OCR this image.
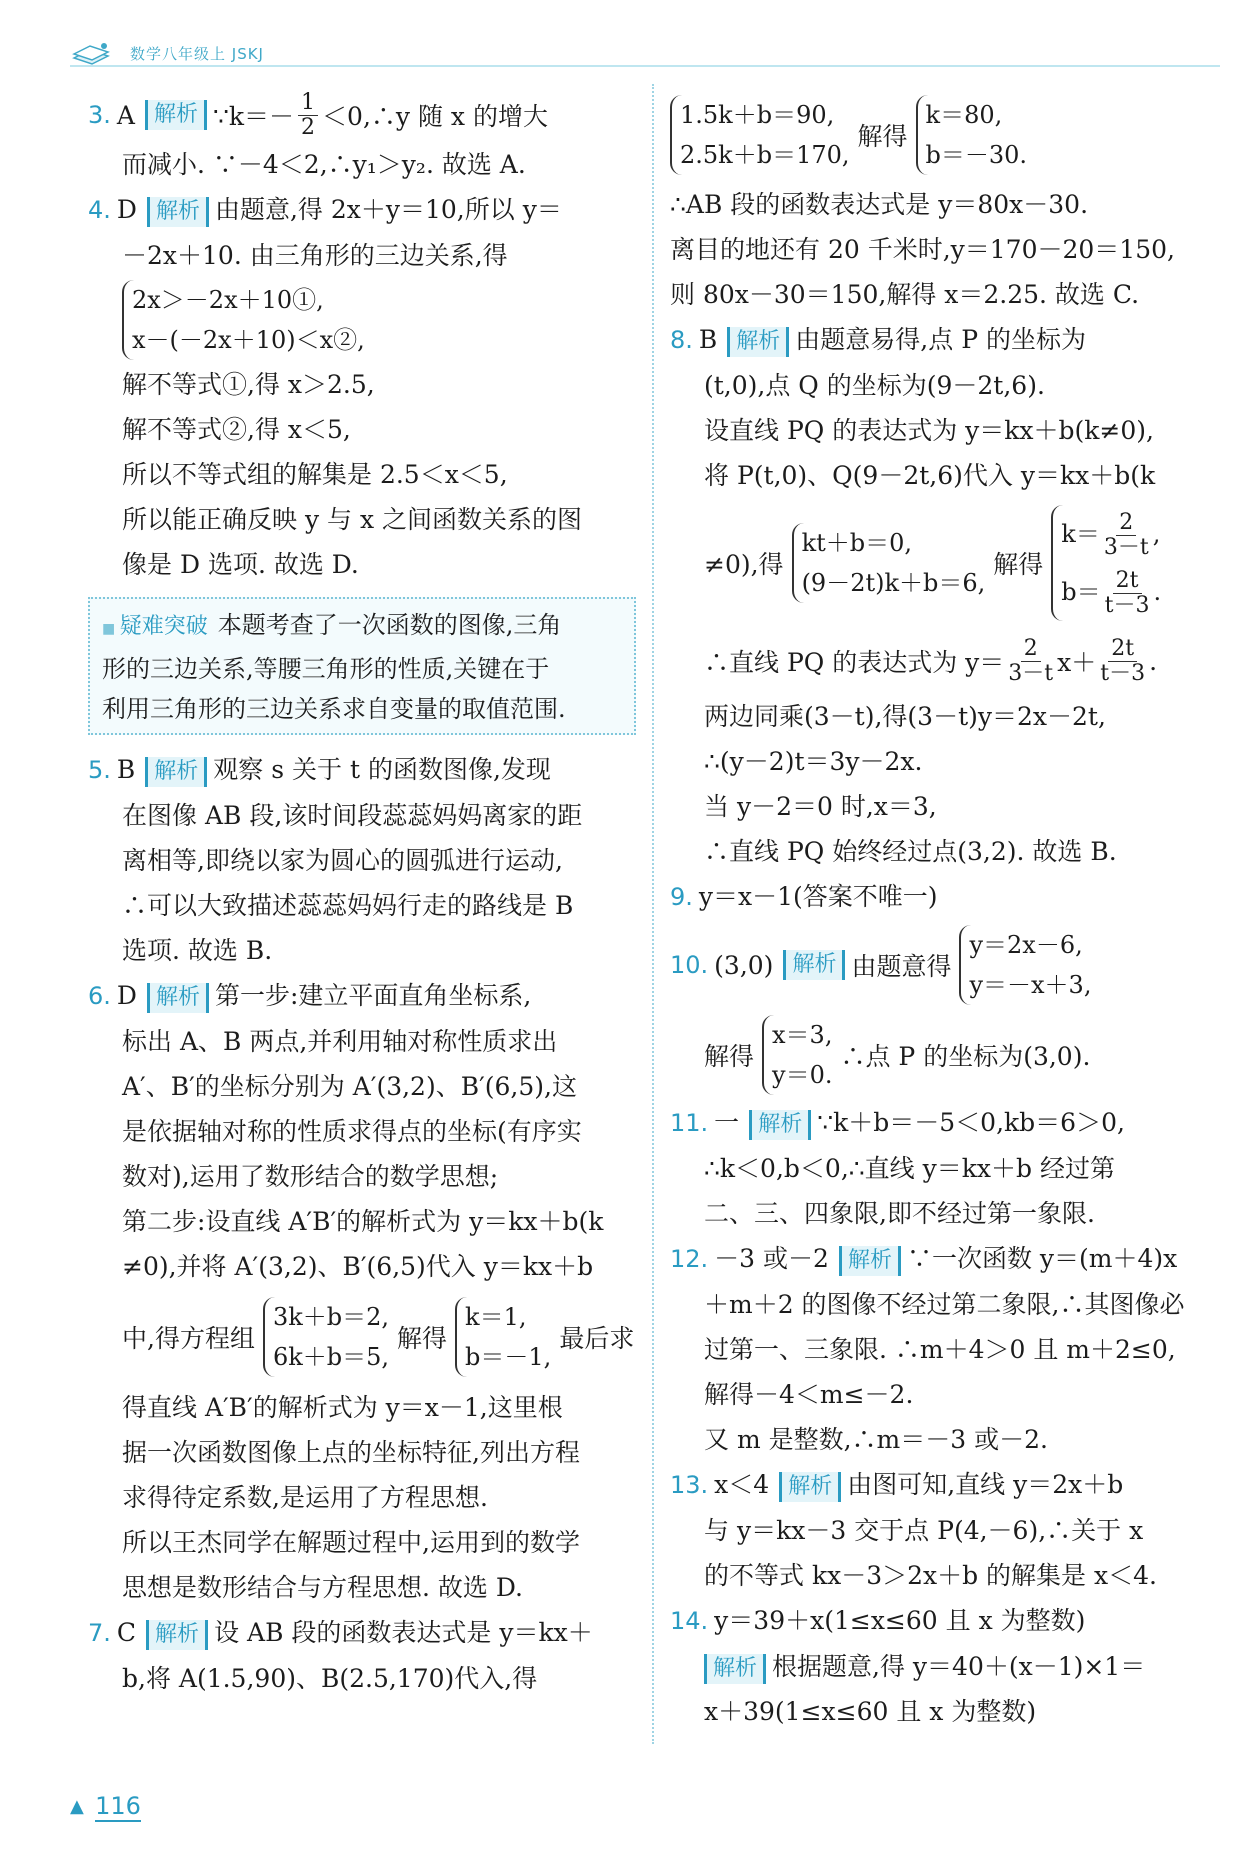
数学八年级上 JSKJ
3. A 解析 ∵k＝－ $\frac{1}{2}$ ＜0,∴y 随 x 的增大
而减小. ∵－4＜2,∴y₁＞y₂. 故选 A.
4. D 解析 由题意,得 2x＋y＝10,所以 y＝
－2x＋10. 由三角形的三边关系,得
2x＞－2x＋10①,
x－(－2x＋10)＜x②,
解不等式①,得 x＞2.5,
解不等式②,得 x＜5,
所以不等式组的解集是 2.5＜x＜5,
所以能正确反映 y 与 x 之间函数关系的图
像是 D 选项. 故选 D.
■ 疑难突破 本题考查了一次函数的图像,三角
形的三边关系,等腰三角形的性质,关键在于
利用三角形的三边关系求自变量的取值范围.
5. B 解析 观察 s 关于 t 的函数图像,发现
在图像 AB 段,该时间段蕊蕊妈妈离家的距
离相等,即绕以家为圆心的圆弧进行运动,
∴可以大致描述蕊蕊妈妈行走的路线是 B
选项. 故选 B.
6. D 解析 第一步:建立平面直角坐标系,
标出 A、B 两点,并利用轴对称性质求出
A′、B′的坐标分别为 A′(3,2)、B′(6,5),这
是依据轴对称的性质求得点的坐标(有序实
数对),运用了数形结合的数学思想;
第二步:设直线 A′B′的解析式为 y＝kx＋b(k
≠0),并将 A′(3,2)、B′(6,5)代入 y＝kx＋b
中,得方程组
3k＋b＝2,
6k＋b＝5,
解得
k＝1,
b＝－1,
最后求
得直线 A′B′的解析式为 y＝x－1,这里根
据一次函数图像上点的坐标特征,列出方程
求得待定系数,是运用了方程思想.
所以王杰同学在解题过程中,运用到的数学
思想是数形结合与方程思想. 故选 D.
7. C 解析 设 AB 段的函数表达式是 y＝kx＋
b,将 A(1.5,90)、B(2.5,170)代入,得
1.5k＋b＝90,
2.5k＋b＝170,
解得
k＝80,
b＝－30.
∴AB 段的函数表达式是 y＝80x－30.
离目的地还有 20 千米时,y＝170－20＝150,
则 80x－30＝150,解得 x＝2.25. 故选 C.
8. B 解析 由题意易得,点 P 的坐标为
(t,0),点 Q 的坐标为(9－2t,6).
设直线 PQ 的表达式为 y＝kx＋b(k≠0),
将 P(t,0)、Q(9－2t,6)代入 y＝kx＋b(k
≠0),得
kt＋b＝0,
(9－2t)k＋b＝6,
解得
$k= \frac{2}{3-t}$ ,
$b= \frac{2t}{t-3}$ .
∴直线 PQ 的表达式为 $y= \frac{2}{3-t} x+ \frac{2t}{t-3}$ .
两边同乘(3－t),得(3－t)y＝2x－2t,
∴(y－2)t＝3y－2x.
当 y－2＝0 时,x＝3,
∴直线 PQ 始终经过点(3,2). 故选 B.
9. y＝x－1(答案不唯一)
10. (3,0) 解析 由题意得
y＝2x－6,
y＝－x＋3,
解得
x＝3,
y＝0.
∴点 P 的坐标为(3,0).
11. 一 解析 ∵k＋b＝－5＜0,kb＝6＞0,
∴k＜0,b＜0,∴直线 y＝kx＋b 经过第
二、三、四象限,即不经过第一象限.
12. －3 或－2 解析 ∵一次函数 y＝(m＋4)x
＋m＋2 的图像不经过第二象限,∴其图像必
过第一、三象限. ∴m＋4＞0 且 m＋2≤0,
解得－4＜m≤－2.
又 m 是整数,∴m＝－3 或－2.
13. x＜4 解析 由图可知,直线 y＝2x＋b
与 y＝kx－3 交于点 P(4,－6),∴关于 x
的不等式 kx－3＞2x＋b 的解集是 x＜4.
14. y＝39＋x(1≤x≤60 且 x 为整数)
解析 根据题意,得 y＝40＋(x－1)×1＝
x＋39(1≤x≤60 且 x 为整数)
▲ 116
